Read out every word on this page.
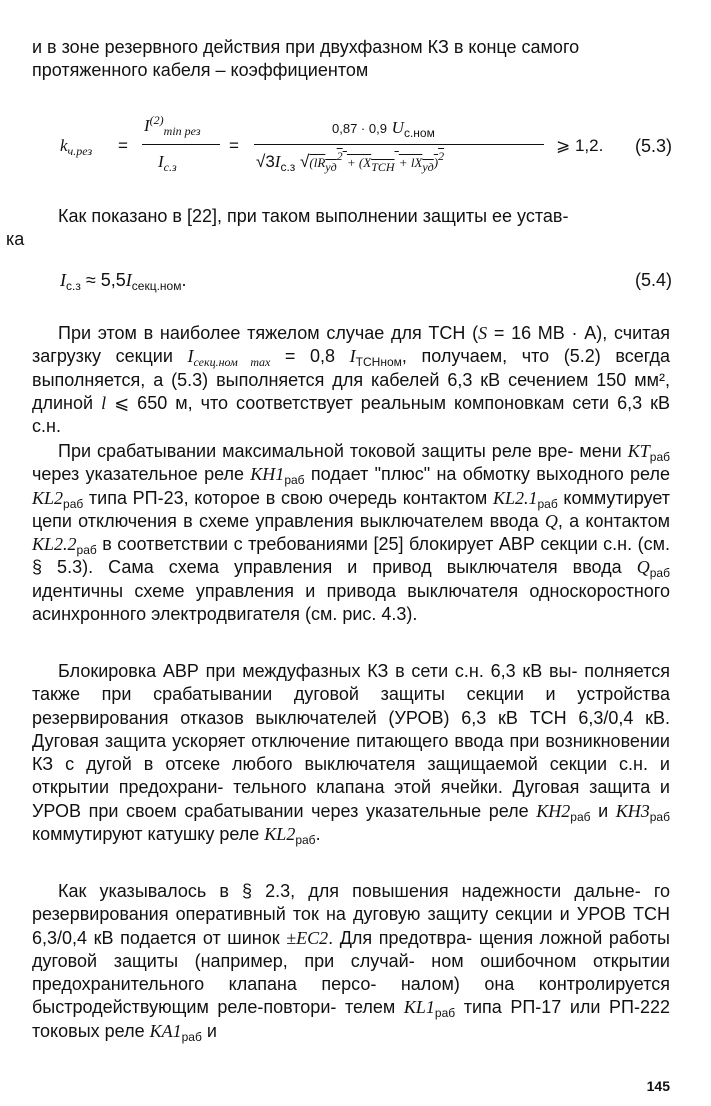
и в зоне резервного действия при двухфазном КЗ в конце самого
протяженного кабеля – коэффициентом

$k_{ч.рез}$ =
$I^{(2)}_{min рез}$
$I_{с.з}$
=
0,87 · 0,9 $U_{с.ном}$
$√3I_{с.з}$ $√(lR_{уд}^2 + (X_{ТСН} + lX_{уд})^2$
⩾ 1,2. (5.3)

Как показано в [22], при таком выполнении защиты ее устав-
ка

$I_{с.з} \approx 5,5I_{секц.ном}$.	(5.4)

При этом в наиболее тяжелом случае для ТСН (S = 16 МВ · А), считая загрузку секции $I_{секц.ном max} = 0,8$ $I_{ТСНном}$, получаем, что (5.2) всегда выполняется, а (5.3) выполняется для кабелей 6,3 кВ сечением 150 мм², длиной l ⩽ 650 м, что соответствует реальным компоновкам сети 6,3 кВ с.н.

При срабатывании максимальной токовой защиты реле вре- мени $KT_{раб}$ через указательное реле $KH1_{раб}$ подает "плюс" на обмотку выходного реле $KL2_{раб}$ типа РП-23, которое в свою очередь контактом $KL2.1_{раб}$ коммутирует цепи отключения в схеме управления выключателем ввода Q, а контактом $KL2.2_{раб}$ в соответствии с требованиями [25] блокирует АВР секции с.н. (см. § 5.3). Сама схема управления и привод выключателя ввода $Q_{раб}$ идентичны схеме управления и привода выключателя односкоростного асинхронного электродвигателя (см. рис. 4.3).

Блокировка АВР при междуфазных КЗ в сети с.н. 6,3 кВ вы- полняется также при срабатывании дуговой защиты секции и устройства резервирования отказов выключателей (УРОВ) 6,3 кВ ТСН 6,3/0,4 кВ. Дуговая защита ускоряет отключение питающего ввода при возникновении КЗ с дугой в отсеке любого выключателя защищаемой секции с.н. и открытии предохрани- тельного клапана этой ячейки. Дуговая защита и УРОВ при своем срабатывании через указательные реле $KH2_{раб}$ и $KH3_{раб}$ коммутируют катушку реле $KL2_{раб}$.

Как указывалось в § 2.3, для повышения надежности дальне- го резервирования оперативный ток на дуговую защиту секции и УРОВ ТСН 6,3/0,4 кВ подается от шинок ±EC2. Для предотвра- щения ложной работы дуговой защиты (например, при случай- ном ошибочном открытии предохранительного клапана персо- налом) она контролируется быстродействующим реле-повтори- телем $KL1_{раб}$ типа РП-17 или РП-222 токовых реле $KA1_{раб}$ и

145
